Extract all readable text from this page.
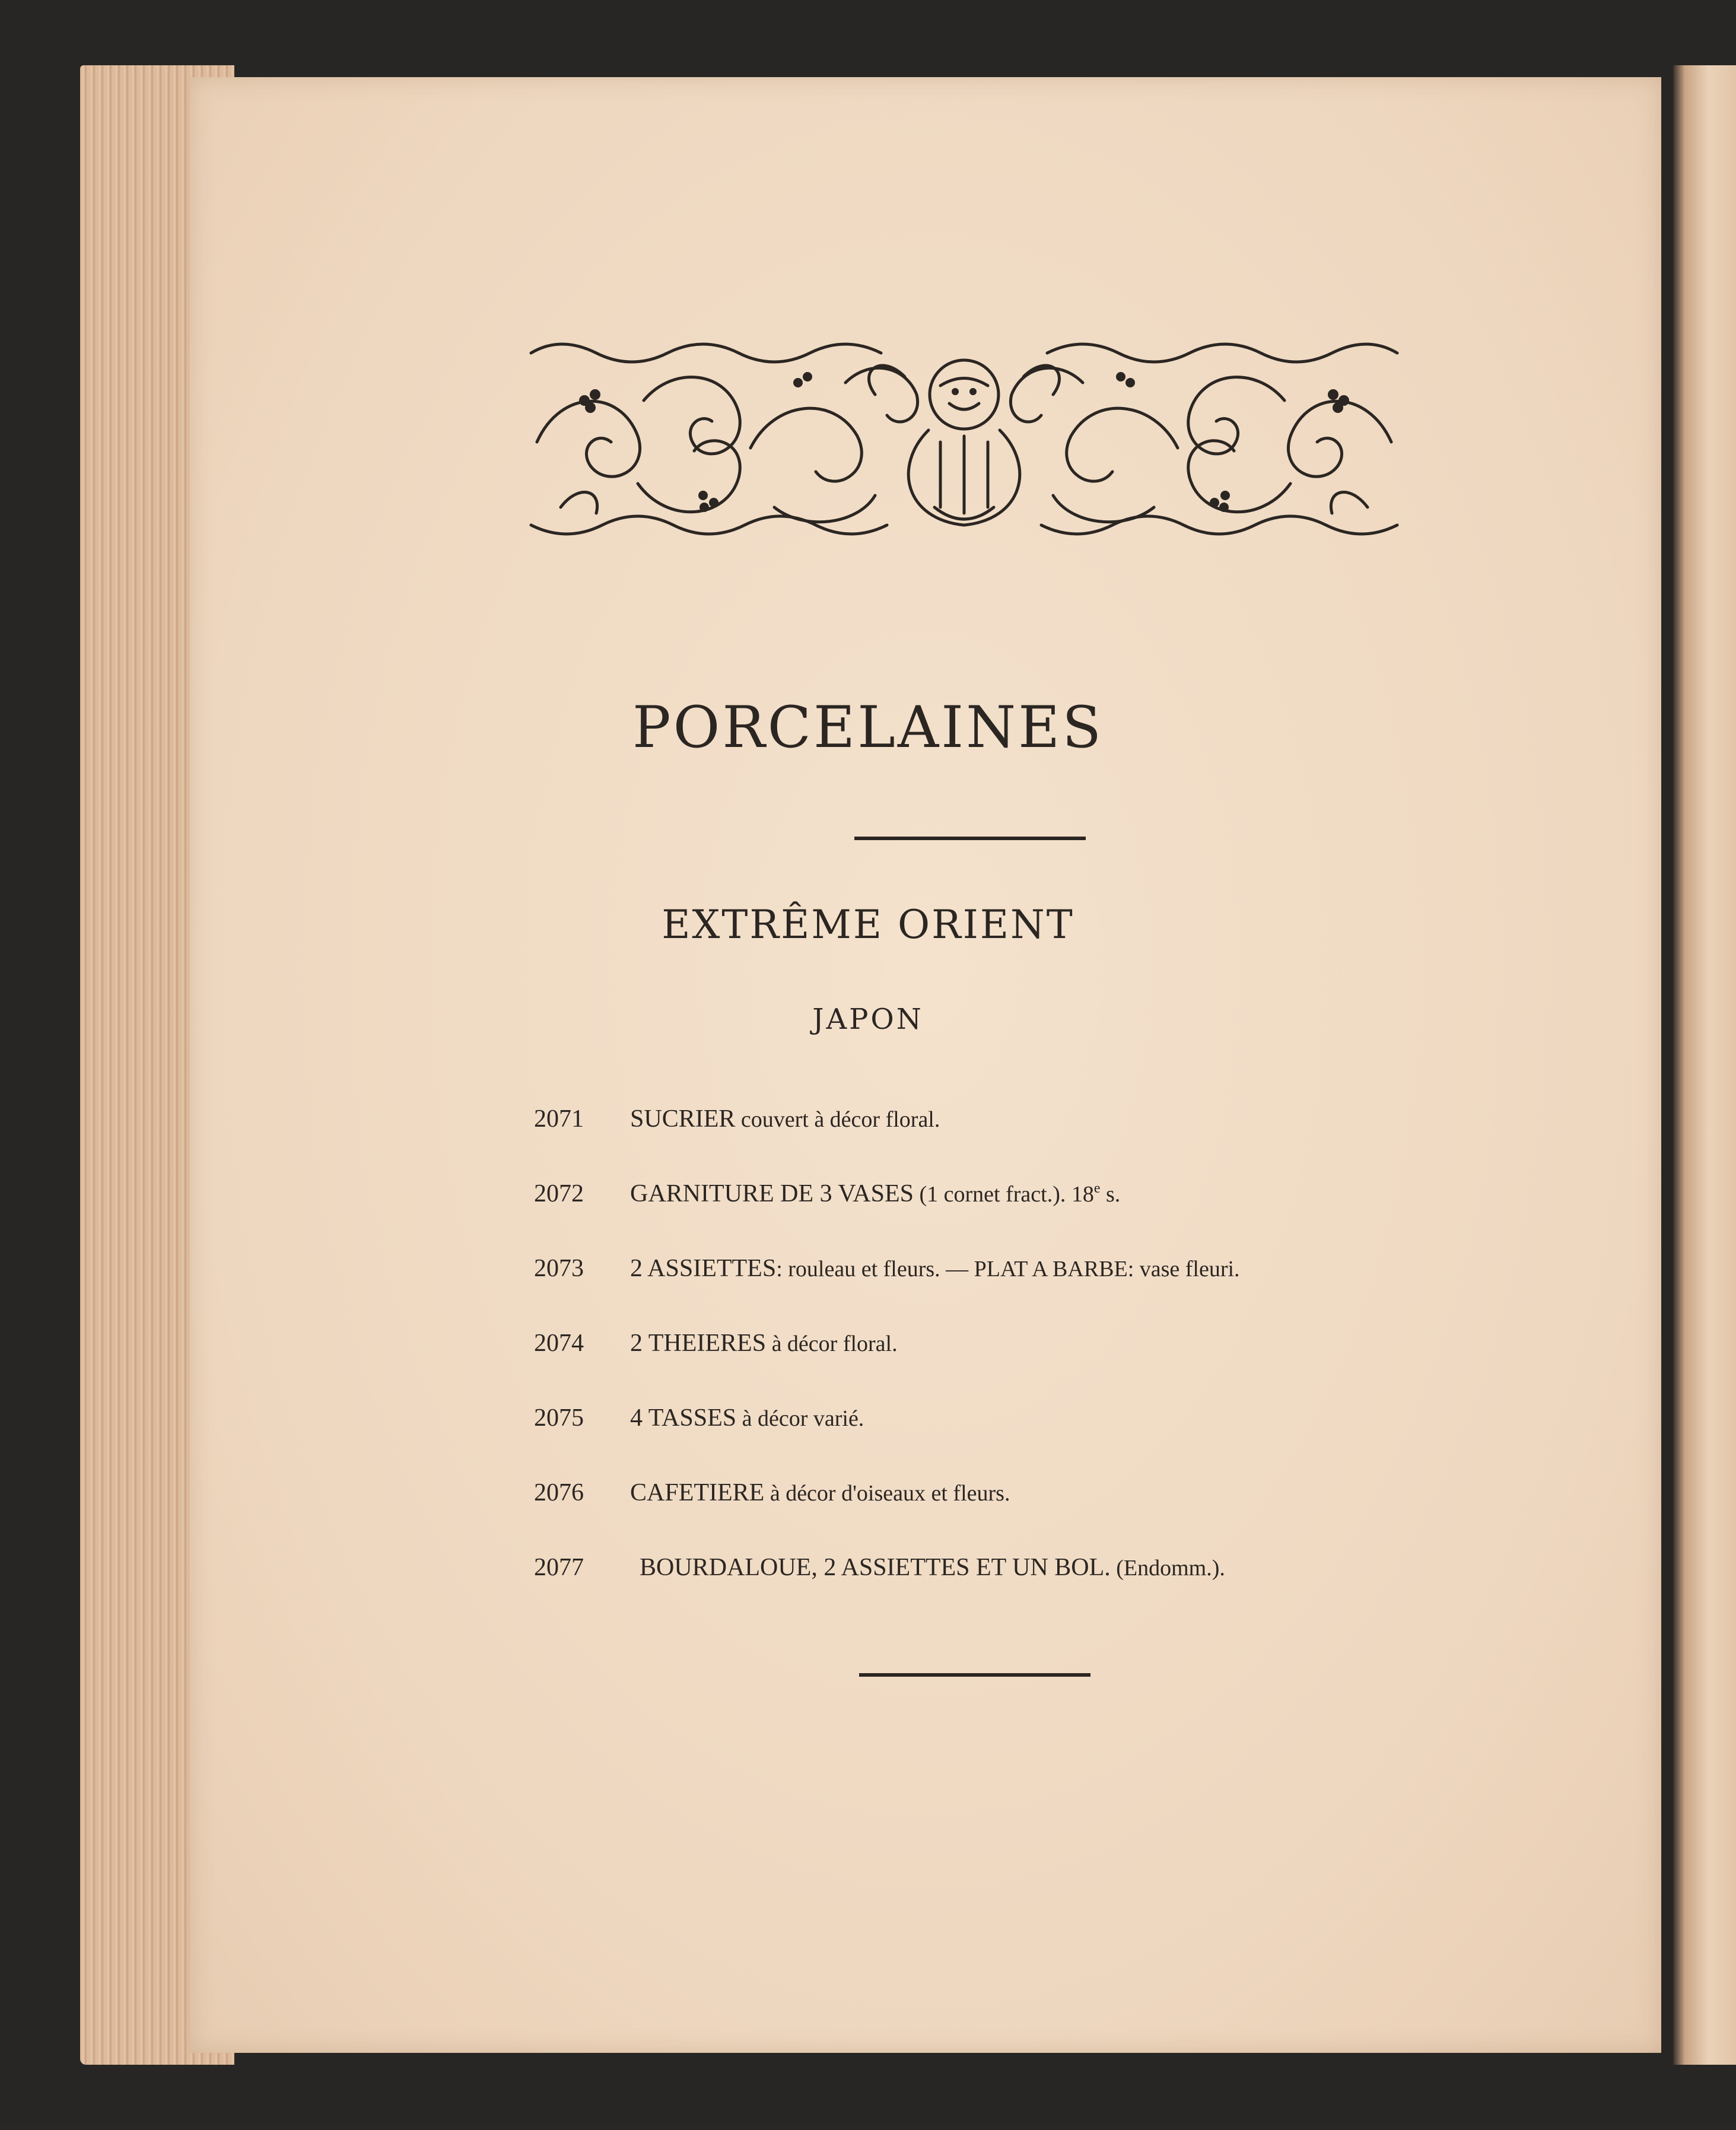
PORCELAINES
EXTRÊME ORIENT
JAPON
2071 SUCRIER couvert à décor floral.
2072 GARNITURE DE 3 VASES (1 cornet fract.). 18e s.
2073 2 ASSIETTES: rouleau et fleurs. — PLAT A BARBE: vase fleuri.
2074 2 THEIERES à décor floral.
2075 4 TASSES à décor varié.
2076 CAFETIERE à décor d'oiseaux et fleurs.
2077 BOURDALOUE, 2 ASSIETTES ET UN BOL. (Endomm.).
